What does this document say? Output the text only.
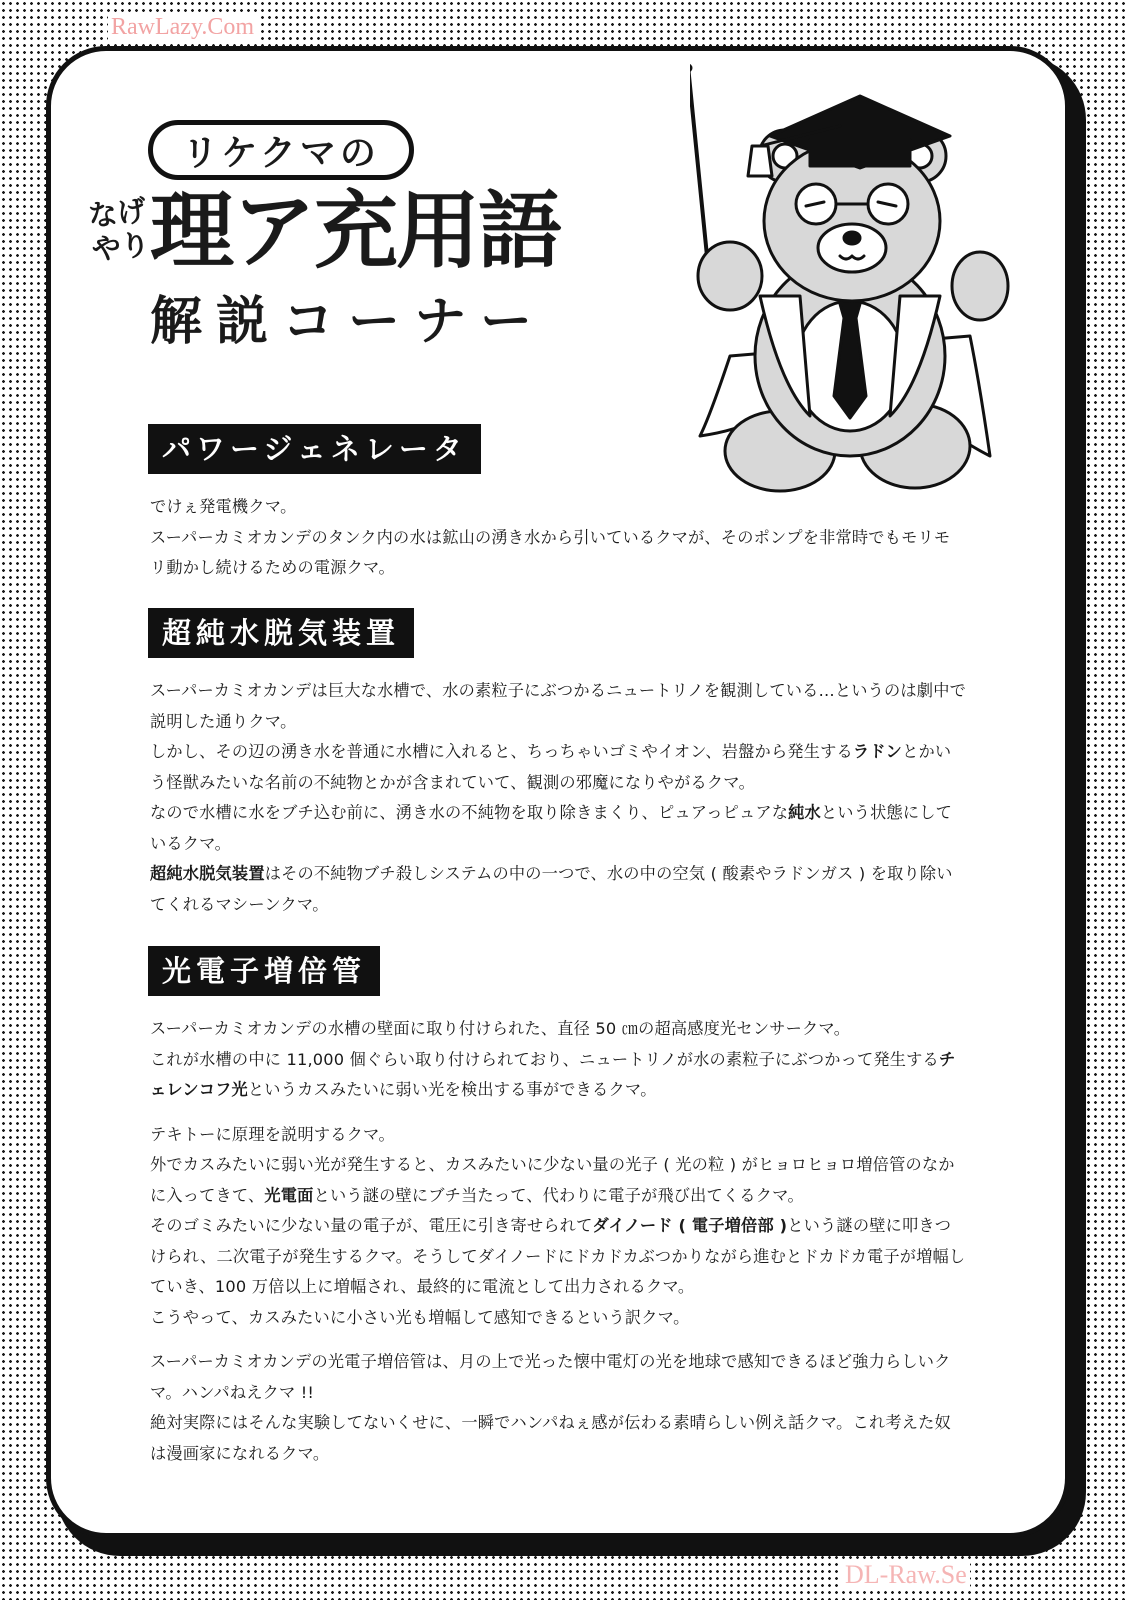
RawLazy.Com
リケクマの
なげ
やり
理ア充用語
解説コーナー
パワージェネレータ

でけぇ発電機クマ。

スーパーカミオカンデのタンク内の水は鉱山の湧き水から引いているクマが、そのポンプを非常時でもモリモリ動かし続けるための電源クマ。

超純水脱気装置

スーパーカミオカンデは巨大な水槽で、水の素粒子にぶつかるニュートリノを観測している…というのは劇中で説明した通りクマ。

しかし、その辺の湧き水を普通に水槽に入れると、ちっちゃいゴミやイオン、岩盤から発生するラドンとかいう怪獣みたいな名前の不純物とかが含まれていて、観測の邪魔になりやがるクマ。

なので水槽に水をブチ込む前に、湧き水の不純物を取り除きまくり、ピュアっピュアな純水という状態にしているクマ。

超純水脱気装置はその不純物ブチ殺しシステムの中の一つで、水の中の空気 ( 酸素やラドンガス ) を取り除いてくれるマシーンクマ。

光電子増倍管

スーパーカミオカンデの水槽の壁面に取り付けられた、直径 50 ㎝の超高感度光センサークマ。

これが水槽の中に 11,000 個ぐらい取り付けられており、ニュートリノが水の素粒子にぶつかって発生するチェレンコフ光というカスみたいに弱い光を検出する事ができるクマ。

テキトーに原理を説明するクマ。

外でカスみたいに弱い光が発生すると、カスみたいに少ない量の光子 ( 光の粒 ) がヒョロヒョロ増倍管のなかに入ってきて、光電面という謎の壁にブチ当たって、代わりに電子が飛び出てくるクマ。

そのゴミみたいに少ない量の電子が、電圧に引き寄せられてダイノード ( 電子増倍部 )という謎の壁に叩きつけられ、二次電子が発生するクマ。そうしてダイノードにドカドカぶつかりながら進むとドカドカ電子が増幅していき、100 万倍以上に増幅され、最終的に電流として出力されるクマ。

こうやって、カスみたいに小さい光も増幅して感知できるという訳クマ。

スーパーカミオカンデの光電子増倍管は、月の上で光った懐中電灯の光を地球で感知できるほど強力らしいクマ。ハンパねえクマ !!

絶対実際にはそんな実験してないくせに、一瞬でハンパねぇ感が伝わる素晴らしい例え話クマ。これ考えた奴は漫画家になれるクマ。

DL-Raw.Se
